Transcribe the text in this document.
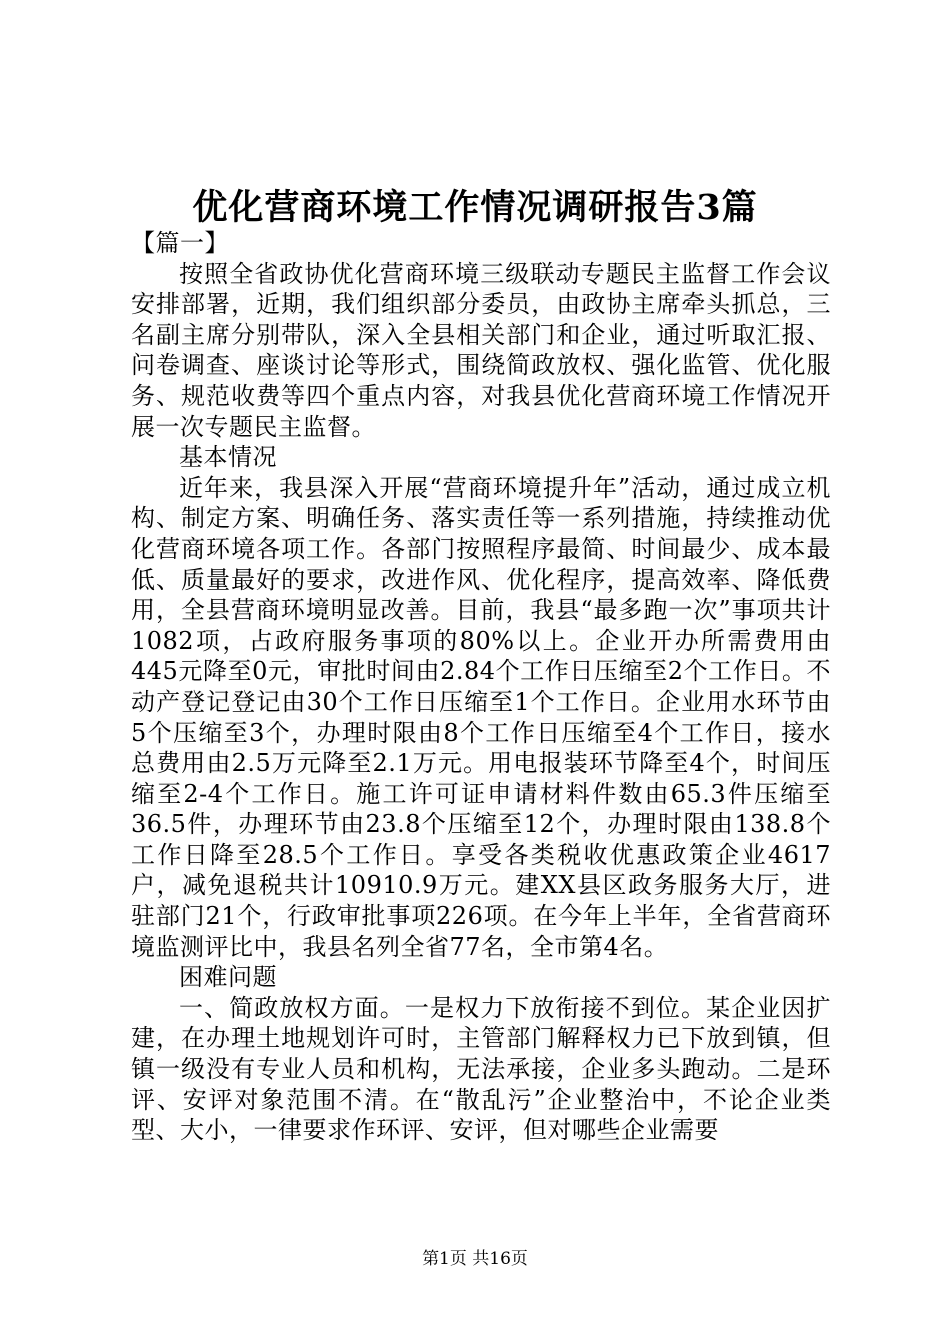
优化营商环境工作情况调研报告3篇

【篇一】

按照全省政协优化营商环境三级联动专题民主监督工作会议安排部署，近期，我们组织部分委员，由政协主席牵头抓总，三名副主席分别带队，深入全县相关部门和企业，通过听取汇报、问卷调查、座谈讨论等形式，围绕简政放权、强化监管、优化服务、规范收费等四个重点内容，对我县优化营商环境工作情况开展一次专题民主监督。

基本情况

近年来，我县深入开展“营商环境提升年”活动，通过成立机构、制定方案、明确任务、落实责任等一系列措施，持续推动优化营商环境各项工作。各部门按照程序最简、时间最少、成本最低、质量最好的要求，改进作风、优化程序，提高效率、降低费用，全县营商环境明显改善。目前，我县“最多跑一次”事项共计1082项，占政府服务事项的80%以上。企业开办所需费用由445元降至0元，审批时间由2.84个工作日压缩至2个工作日。不动产登记登记由30个工作日压缩至1个工作日。企业用水环节由5个压缩至3个，办理时限由8个工作日压缩至4个工作日，接水总费用由2.5万元降至2.1万元。用电报装环节降至4个，时间压缩至2-4个工作日。施工许可证申请材料件数由65.3件压缩至36.5件，办理环节由23.8个压缩至12个，办理时限由138.8个工作日降至28.5个工作日。享受各类税收优惠政策企业4617户，减免退税共计10910.9万元。建XX县区政务服务大厅，进驻部门21个，行政审批事项226项。在今年上半年，全省营商环境监测评比中，我县名列全省77名，全市第4名。

困难问题

一、简政放权方面。一是权力下放衔接不到位。某企业因扩建，在办理土地规划许可时，主管部门解释权力已下放到镇，但镇一级没有专业人员和机构，无法承接，企业多头跑动。二是环评、安评对象范围不清。在“散乱污”企业整治中，不论企业类型、大小，一律要求作环评、安评，但对哪些企业需要

第1页 共16页
